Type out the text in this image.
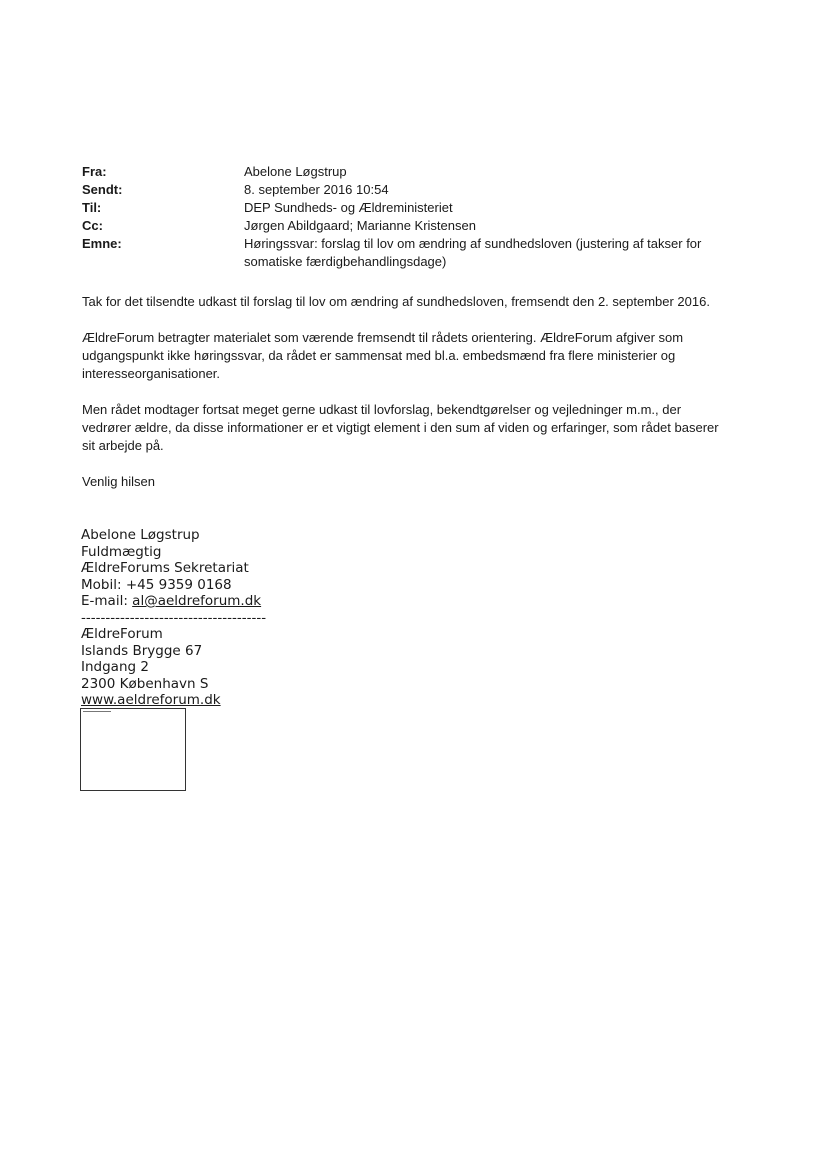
Fra:	Abelone Løgstrup
Sendt:	8. september 2016 10:54
Til:	DEP Sundheds- og Ældreministeriet
Cc:	Jørgen Abildgaard; Marianne Kristensen
Emne:	Høringssvar: forslag til lov om ændring af sundhedsloven (justering af takser for somatiske færdigbehandlingsdage)

Tak for det tilsendte udkast til forslag til lov om ændring af sundhedsloven, fremsendt den 2. september 2016.

ÆldreForum betragter materialet som værende fremsendt til rådets orientering. ÆldreForum afgiver som udgangspunkt ikke høringssvar, da rådet er sammensat med bl.a. embedsmænd fra flere ministerier og interesseorganisationer.

Men rådet modtager fortsat meget gerne udkast til lovforslag, bekendtgørelser og vejledninger m.m., der vedrører ældre, da disse informationer er et vigtigt element i den sum af viden og erfaringer, som rådet baserer sit arbejde på.

Venlig hilsen

Abelone Løgstrup
Fuldmægtig
ÆldreForums Sekretariat
Mobil: +45 9359 0168
E-mail: al@aeldreforum.dk
--------------------------------------
ÆldreForum
Islands Brygge 67
Indgang 2
2300 København S
www.aeldreforum.dk
